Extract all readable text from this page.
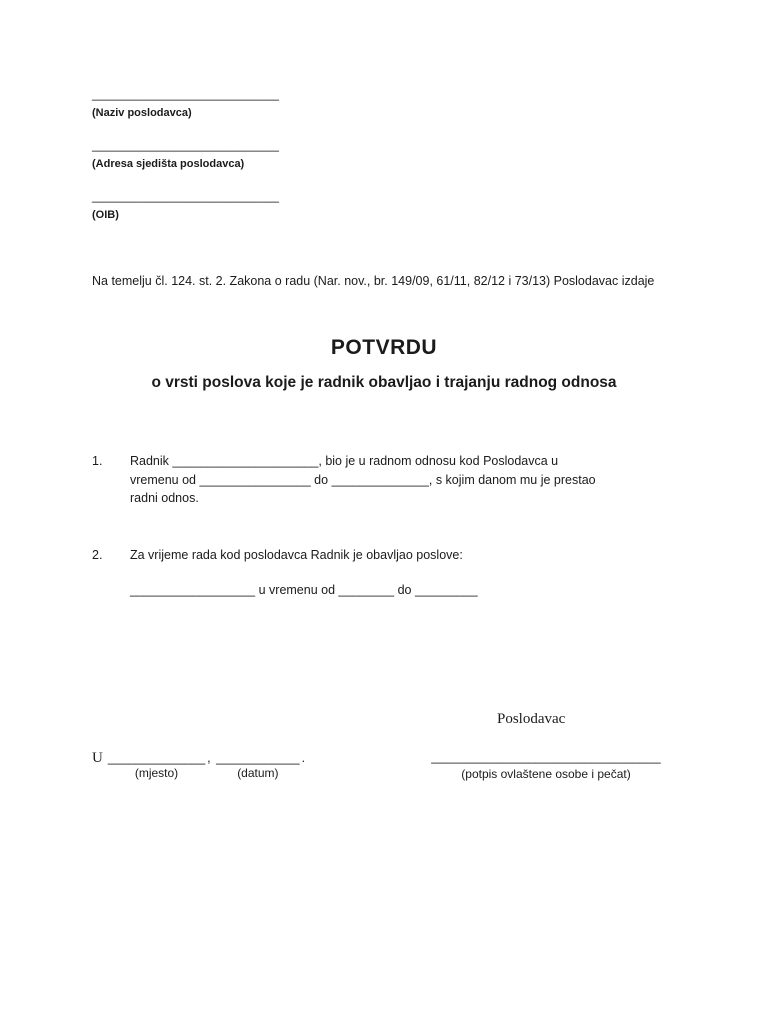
____________________________
(Naziv poslodavca)
____________________________
(Adresa sjedišta poslodavca)
____________________________
(OIB)

Na temelju čl. 124. st. 2. Zakona o radu (Nar. nov., br. 149/09, 61/11, 82/12 i 73/13) Poslodavac izdaje

POTVRDU
o vrsti poslova koje je radnik obavljao i trajanju radnog odnosa
1.	Radnik _____________________, bio je u radnom odnosu kod Poslodavca u
vremenu od ________________ do ______________, s kojim danom mu je prestao
radni odnos.
2.	Za vrijeme rada kod poslodavca Radnik je obavljao poslove:
__________________ u vremenu od ________ do _________
Poslodavac
U ______________
(mjesto)
, ____________
(datum)
.	_________________________________
(potpis ovlaštene osobe i pečat)
